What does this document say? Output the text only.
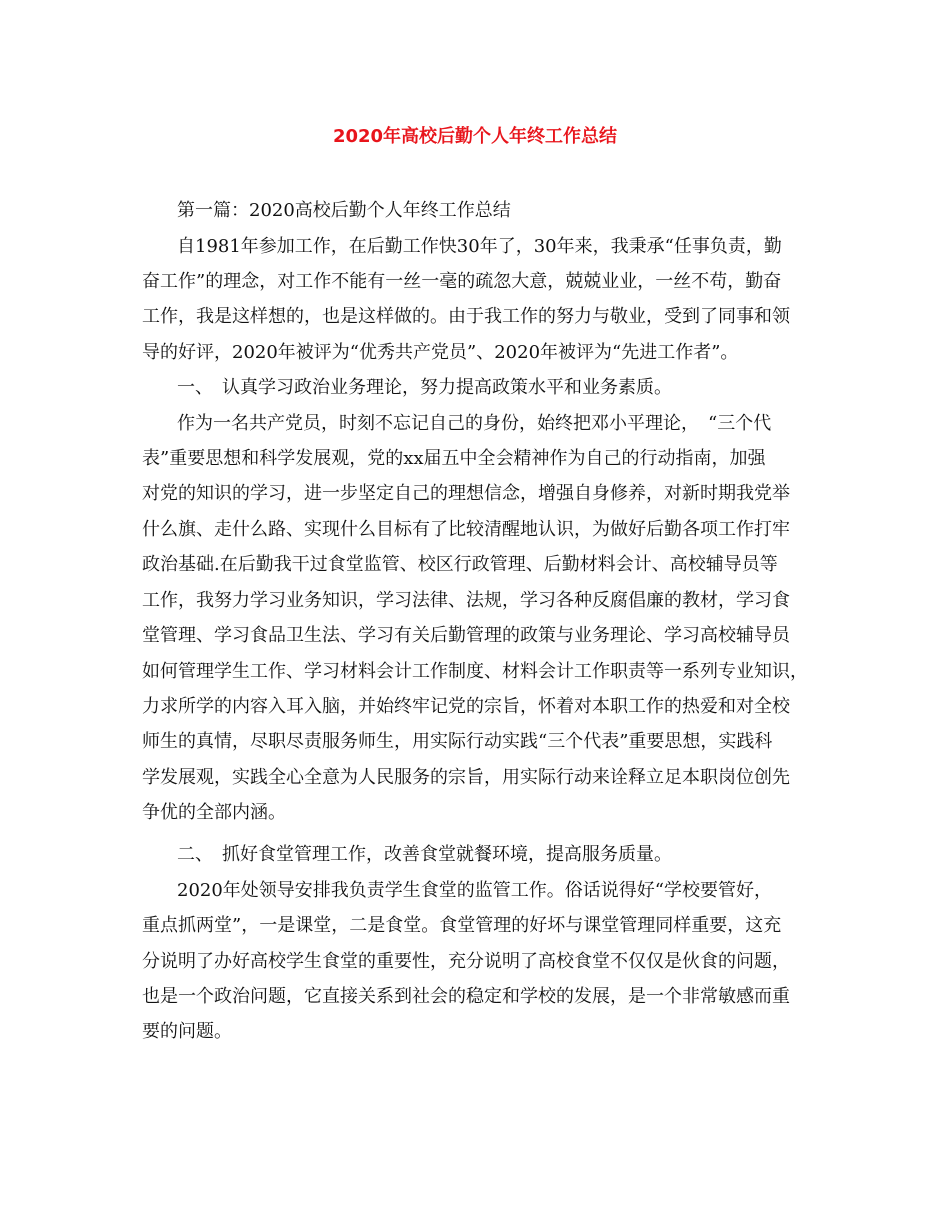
2020年高校后勤个人年终工作总结
第一篇：2020高校后勤个人年终工作总结
自1981年参加工作，在后勤工作快30年了，30年来，我秉承“任事负责，勤
奋工作”的理念，对工作不能有一丝一毫的疏忽大意，兢兢业业，一丝不苟，勤奋
工作，我是这样想的，也是这样做的。由于我工作的努力与敬业，受到了同事和领
导的好评，2020年被评为“优秀共产党员”、2020年被评为“先进工作者”。
一、　认真学习政治业务理论，努力提高政策水平和业务素质。
作为一名共产党员，时刻不忘记自己的身份，始终把邓小平理论，　“三个代
表”重要思想和科学发展观，党的xx届五中全会精神作为自己的行动指南，加强
对党的知识的学习，进一步坚定自己的理想信念，增强自身修养，对新时期我党举
什么旗、走什么路、实现什么目标有了比较清醒地认识，为做好后勤各项工作打牢
政治基础.在后勤我干过食堂监管、校区行政管理、后勤材料会计、高校辅导员等
工作，我努力学习业务知识，学习法律、法规，学习各种反腐倡廉的教材，学习食
堂管理、学习食品卫生法、学习有关后勤管理的政策与业务理论、学习高校辅导员
如何管理学生工作、学习材料会计工作制度、材料会计工作职责等一系列专业知识，
力求所学的内容入耳入脑，并始终牢记党的宗旨，怀着对本职工作的热爱和对全校
师生的真情，尽职尽责服务师生，用实际行动实践“三个代表”重要思想，实践科
学发展观，实践全心全意为人民服务的宗旨，用实际行动来诠释立足本职岗位创先
争优的全部内涵。
二、　抓好食堂管理工作，改善食堂就餐环境，提高服务质量。
2020年处领导安排我负责学生食堂的监管工作。俗话说得好“学校要管好，
重点抓两堂”，一是课堂，二是食堂。食堂管理的好坏与课堂管理同样重要，这充
分说明了办好高校学生食堂的重要性，充分说明了高校食堂不仅仅是伙食的问题，
也是一个政治问题，它直接关系到社会的稳定和学校的发展，是一个非常敏感而重
要的问题。
